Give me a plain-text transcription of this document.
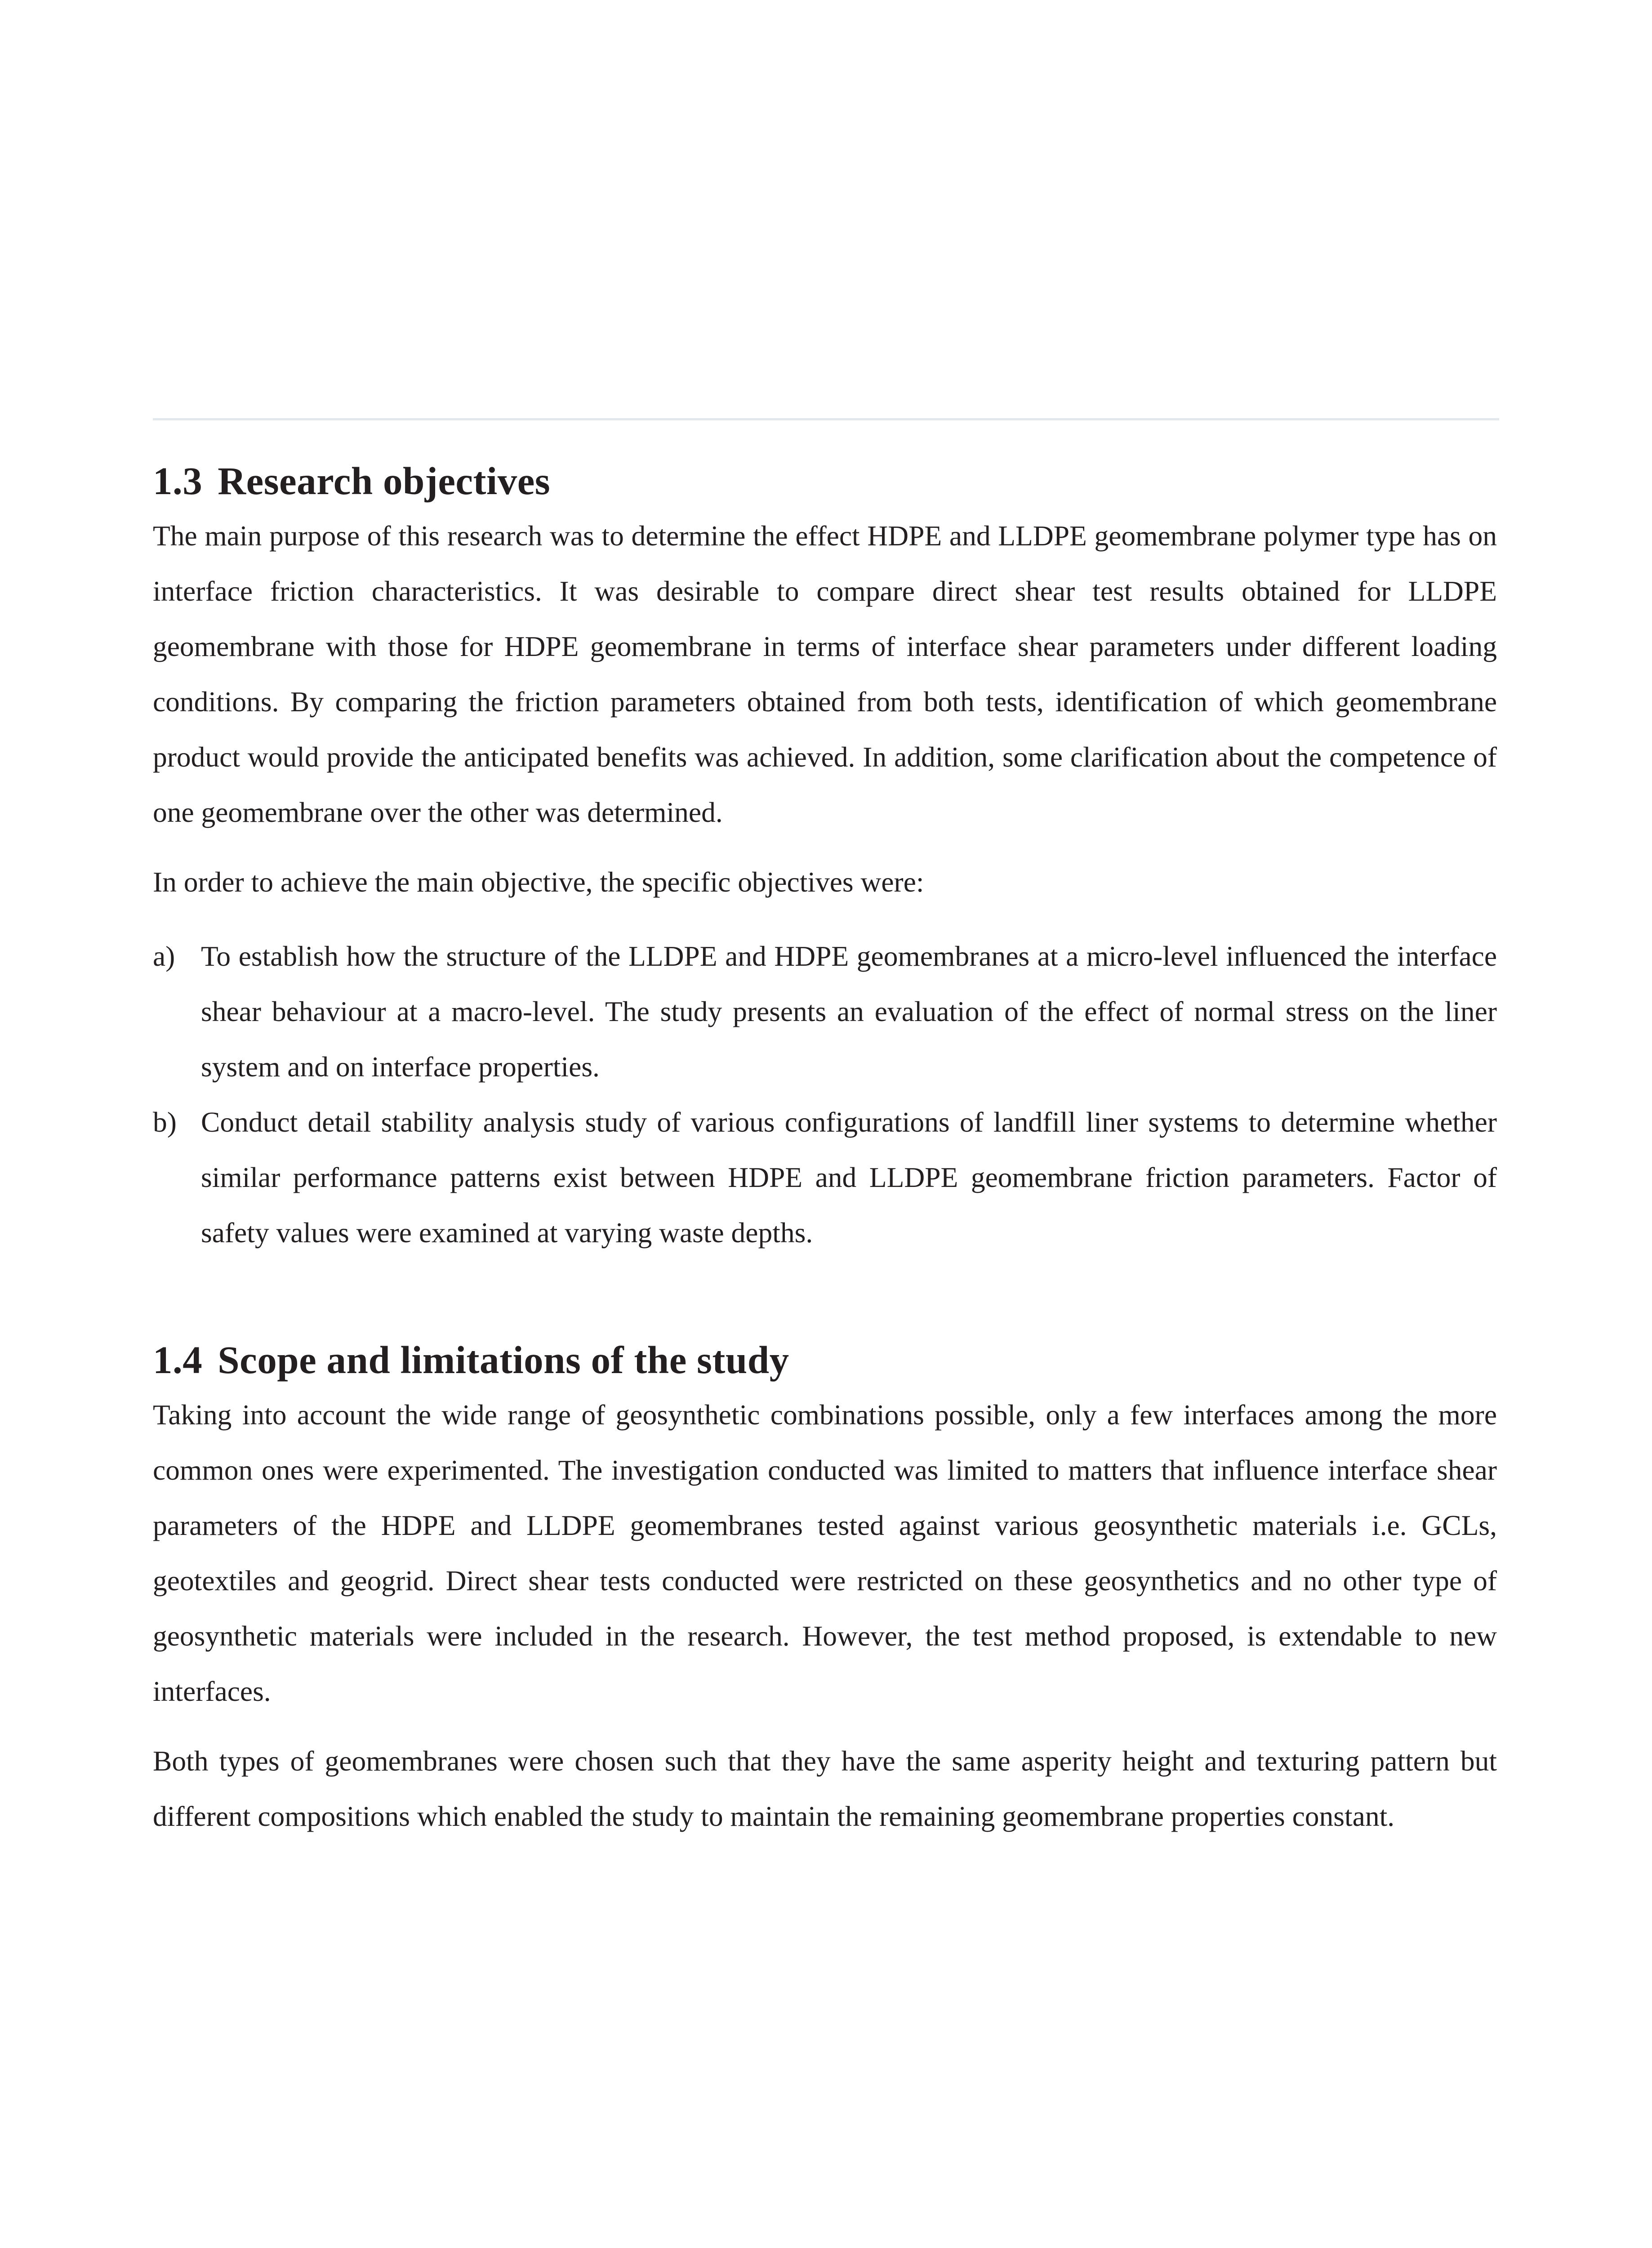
1.3 Research objectives

The main purpose of this research was to determine the effect HDPE and LLDPE geomembrane polymer type has on interface friction characteristics. It was desirable to compare direct shear test results obtained for LLDPE geomembrane with those for HDPE geomembrane in terms of interface shear parameters under different loading conditions. By comparing the friction parameters obtained from both tests, identification of which geomembrane product would provide the anticipated benefits was achieved. In addition, some clarification about the competence of one geomembrane over the other was determined.

In order to achieve the main objective, the specific objectives were:

a) To establish how the structure of the LLDPE and HDPE geomembranes at a micro-level influenced the interface shear behaviour at a macro-level. The study presents an evaluation of the effect of normal stress on the liner system and on interface properties.
b) Conduct detail stability analysis study of various configurations of landfill liner systems to determine whether similar performance patterns exist between HDPE and LLDPE geomembrane friction parameters. Factor of safety values were examined at varying waste depths.
1.4 Scope and limitations of the study

Taking into account the wide range of geosynthetic combinations possible, only a few interfaces among the more common ones were experimented. The investigation conducted was limited to matters that influence interface shear parameters of the HDPE and LLDPE geomembranes tested against various geosynthetic materials i.e. GCLs, geotextiles and geogrid. Direct shear tests conducted were restricted on these geosynthetics and no other type of geosynthetic materials were included in the research. However, the test method proposed, is extendable to new interfaces.

Both types of geomembranes were chosen such that they have the same asperity height and texturing pattern but different compositions which enabled the study to maintain the remaining geomembrane properties constant.
